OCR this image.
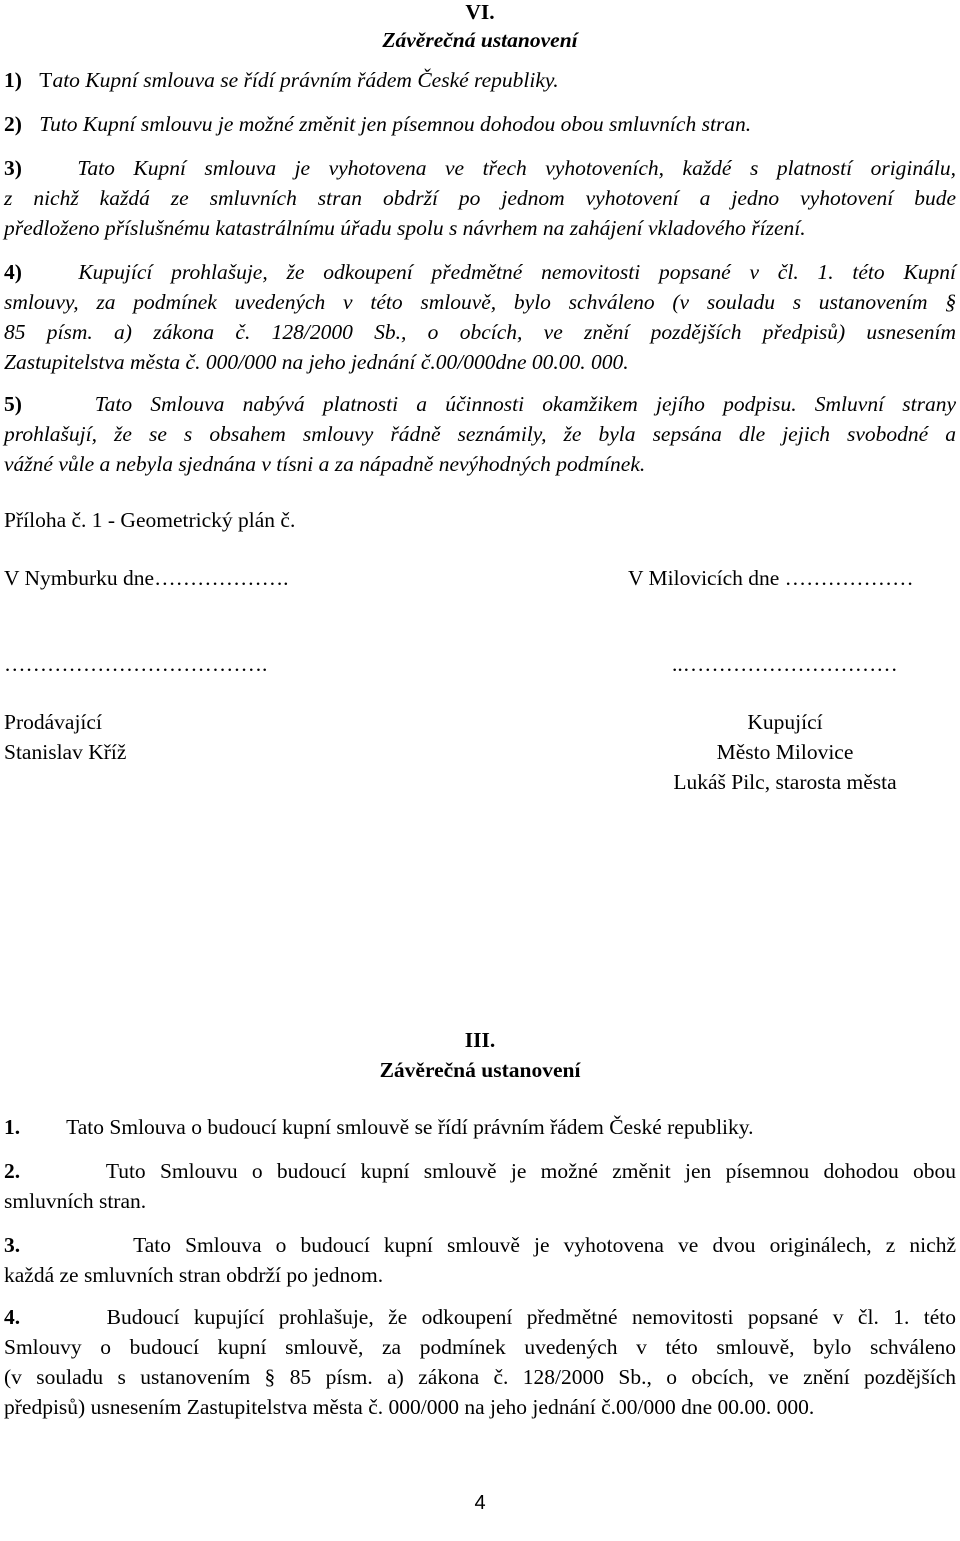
VI.
Závěrečná ustanovení
1) Tato Kupní smlouva se řídí právním řádem České republiky.
2) Tuto Kupní smlouvu je možné změnit jen písemnou dohodou obou smluvních stran.
3)	Tato Kupní smlouva je vyhotovena ve třech vyhotoveních, každé s platností originálu,
z nichž každá ze smluvních stran obdrží po jednom vyhotovení a jedno vyhotovení bude
předloženo příslušnému katastrálnímu úřadu spolu s návrhem na zahájení vkladového řízení.
4)	Kupující prohlašuje, že odkoupení předmětné nemovitosti popsané v čl. 1. této Kupní
smlouvy, za podmínek uvedených v této smlouvě, bylo schváleno (v souladu s ustanovením §
85 písm. a) zákona č. 128/2000 Sb., o obcích, ve znění pozdějších předpisů) usnesením
Zastupitelstva města č. 000/000 na jeho jednání č.00/000dne 00.00. 000.
5)	Tato Smlouva nabývá platnosti a účinnosti okamžikem jejího podpisu. Smluvní strany
prohlašují, že se s obsahem smlouvy řádně seznámily, že byla sepsána dle jejich svobodné a
vážné vůle a nebyla sjednána v tísni a za nápadně nevýhodných podmínek.
Příloha č. 1 - Geometrický plán č.
V Nymburku dne……………….	V Milovicích dne ………………
……………………………….	..…………………………
Prodávající
Stanislav Kříž
Kupující
Město Milovice
Lukáš Pilc, starosta města
III.
Závěrečná ustanovení
1. Tato Smlouva o budoucí kupní smlouvě se řídí právním řádem České republiky.
2.	Tuto Smlouvu o budoucí kupní smlouvě je možné změnit jen písemnou dohodou obou
smluvních stran.
3.	Tato Smlouva o budoucí kupní smlouvě je vyhotovena ve dvou originálech, z nichž
každá ze smluvních stran obdrží po jednom.
4.	Budoucí kupující prohlašuje, že odkoupení předmětné nemovitosti popsané v čl. 1. této
Smlouvy o budoucí kupní smlouvě, za podmínek uvedených v této smlouvě, bylo schváleno
(v souladu s ustanovením § 85 písm. a) zákona č. 128/2000 Sb., o obcích, ve znění pozdějších
předpisů) usnesením Zastupitelstva města č. 000/000 na jeho jednání č.00/000 dne 00.00. 000.
4
